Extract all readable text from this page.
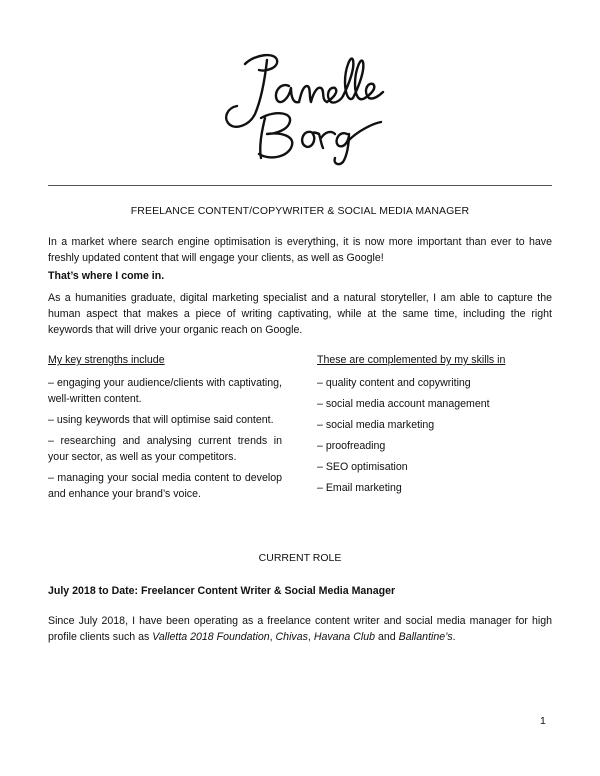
FREELANCE CONTENT/COPYWRITER & SOCIAL MEDIA MANAGER
In a market where search engine optimisation is everything, it is now more important than ever to have freshly updated content that will engage your clients, as well as Google!
That’s where I come in.
As a humanities graduate, digital marketing specialist and a natural storyteller, I am able to capture the human aspect that makes a piece of writing captivating, while at the same time, including the right keywords that will drive your organic reach on Google.
My key strengths include	These are complemented by my skills in
– engaging your audience/clients with captivating, well-written content.
– using keywords that will optimise said content.
– researching and analysing current trends in your sector, as well as your competitors.
– managing your social media content to develop and enhance your brand’s voice.
– quality content and copywriting
– social media account management
– social media marketing
– proofreading
– SEO optimisation
– Email marketing
CURRENT ROLE
July 2018 to Date: Freelancer Content Writer & Social Media Manager
Since July 2018, I have been operating as a freelance content writer and social media manager for high profile clients such as Valletta 2018 Foundation, Chivas, Havana Club and Ballantine’s.
1
